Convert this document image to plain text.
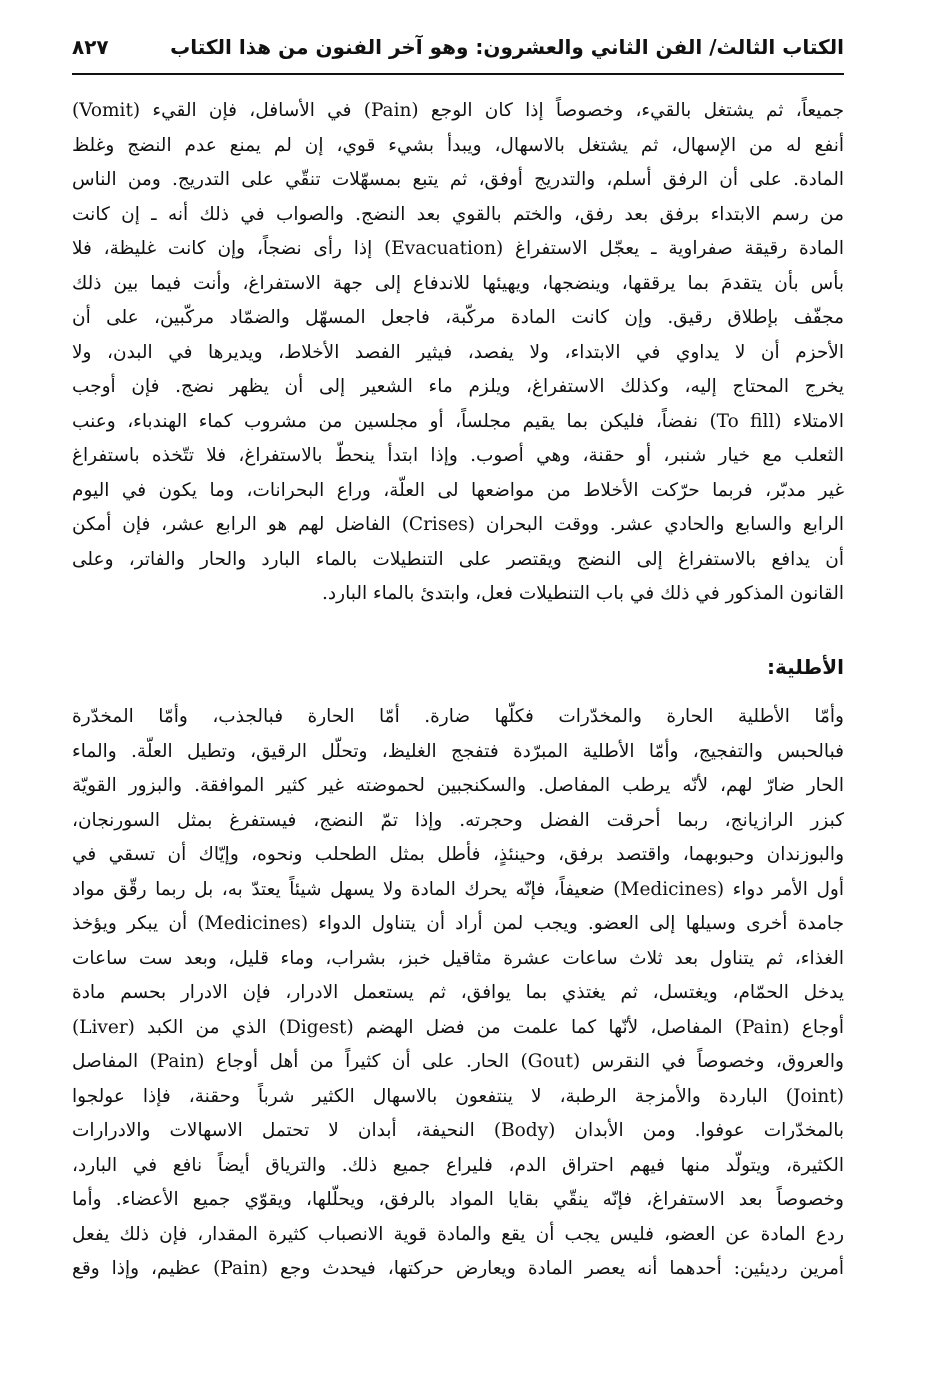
الكتاب الثالث/ الفن الثاني والعشرون: وهو آخر الفنون من هذا الكتاب
٨٢٧
جميعاً، ثم يشتغل بالقيء، وخصوصاً إذا كان الوجع (Pain) في الأسافل، فإن القيء (Vomit)
أنفع له من الإسهال، ثم يشتغل بالاسهال، ويبدأ بشيء قوي، إن لم يمنع عدم النضج وغلظ
المادة. على أن الرفق أسلم، والتدريج أوفق، ثم يتبع بمسهّلات تنقّي على التدريج. ومن الناس
من رسم الابتداء برفق بعد رفق، والختم بالقوي بعد النضج. والصواب في ذلك أنه ـ إن كانت
المادة رقيقة صفراوية ـ يعجّل الاستفراغ (Evacuation) إذا رأى نضجاً، وإن كانت غليظة، فلا
بأس بأن يتقدمَ بما يرققها، وينضجها، ويهيئها للاندفاع إلى جهة الاستفراغ، وأنت فيما بين ذلك
مجفّف بإطلاق رقيق. وإن كانت المادة مركّبة، فاجعل المسهّل والضمّاد مركّبين، على أن
الأحزم أن لا يداوي في الابتداء، ولا يفصد، فيثير الفصد الأخلاط، ويديرها في البدن، ولا
يخرج المحتاج إليه، وكذلك الاستفراغ، ويلزم ماء الشعير إلى أن يظهر نضج. فإن أوجب
الامتلاء (To fill) نفضاً، فليكن بما يقيم مجلساً، أو مجلسين من مشروب كماء الهندباء، وعنب
الثعلب مع خيار شنبر، أو حقنة، وهي أصوب. وإذا ابتدأ ينحطّ بالاستفراغ، فلا تتّخذه باستفراغ
غير مدبّر، فربما حرّكت الأخلاط من مواضعها لى العلّة، وراع البحرانات، وما يكون في اليوم
الرابع والسابع والحادي عشر. ووقت البحران (Crises) الفاضل لهم هو الرابع عشر، فإن أمكن
أن يدافع بالاستفراغ إلى النضج ويقتصر على التنطيلات بالماء البارد والحار والفاتر، وعلى
القانون المذكور في ذلك في باب التنطيلات فعل، وابتدئ بالماء البارد.
الأطلية:
وأمّا الأطلية الحارة والمخدّرات فكلّها ضارة. أمّا الحارة فبالجذب، وأمّا المخدّرة
فبالحبس والتفجيج، وأمّا الأطلية المبرّدة فتفجج الغليظ، وتحلّل الرقيق، وتطيل العلّة. والماء
الحار ضارّ لهم، لأنّه يرطب المفاصل. والسكنجبين لحموضته غير كثير الموافقة. والبزور القويّة
كبزر الرازيانج، ربما أحرقت الفضل وحجرته. وإذا تمّ النضج، فيستفرغ بمثل السورنجان،
والبوزندان وحبوبهما، واقتصد برفق، وحينئذٍ، فأطل بمثل الطحلب ونحوه، وإيّاك أن تسقي في
أول الأمر دواء (Medicines) ضعيفاً، فإنّه يحرك المادة ولا يسهل شيئاً يعتدّ به، بل ربما رقّق مواد
جامدة أخرى وسيلها إلى العضو. ويجب لمن أراد أن يتناول الدواء (Medicines) أن يبكر ويؤخذ
الغذاء، ثم يتناول بعد ثلاث ساعات عشرة مثاقيل خبز، بشراب، وماء قليل، وبعد ست ساعات
يدخل الحمّام، ويغتسل، ثم يغتذي بما يوافق، ثم يستعمل الادرار، فإن الادرار بحسم مادة
أوجاع (Pain) المفاصل، لأنّها كما علمت من فضل الهضم (Digest) الذي من الكبد (Liver)
والعروق، وخصوصاً في النقرس (Gout) الحار. على أن كثيراً من أهل أوجاع (Pain) المفاصل
(Joint) الباردة والأمزجة الرطبة، لا ينتفعون بالاسهال الكثير شرباً وحقنة، فإذا عولجوا
بالمخدّرات عوفوا. ومن الأبدان (Body) النحيفة، أبدان لا تحتمل الاسهالات والادرارات
الكثيرة، ويتولّد منها فيهم احتراق الدم، فليراع جميع ذلك. والترياق أيضاً نافع في البارد،
وخصوصاً بعد الاستفراغ، فإنّه ينقّي بقايا المواد بالرفق، ويحلّلها، ويقوّي جميع الأعضاء. وأما
ردع المادة عن العضو، فليس يجب أن يقع والمادة قوية الانصباب كثيرة المقدار، فإن ذلك يفعل
أمرين رديئين: أحدهما أنه يعصر المادة ويعارض حركتها، فيحدث وجع (Pain) عظيم، وإذا وقع
